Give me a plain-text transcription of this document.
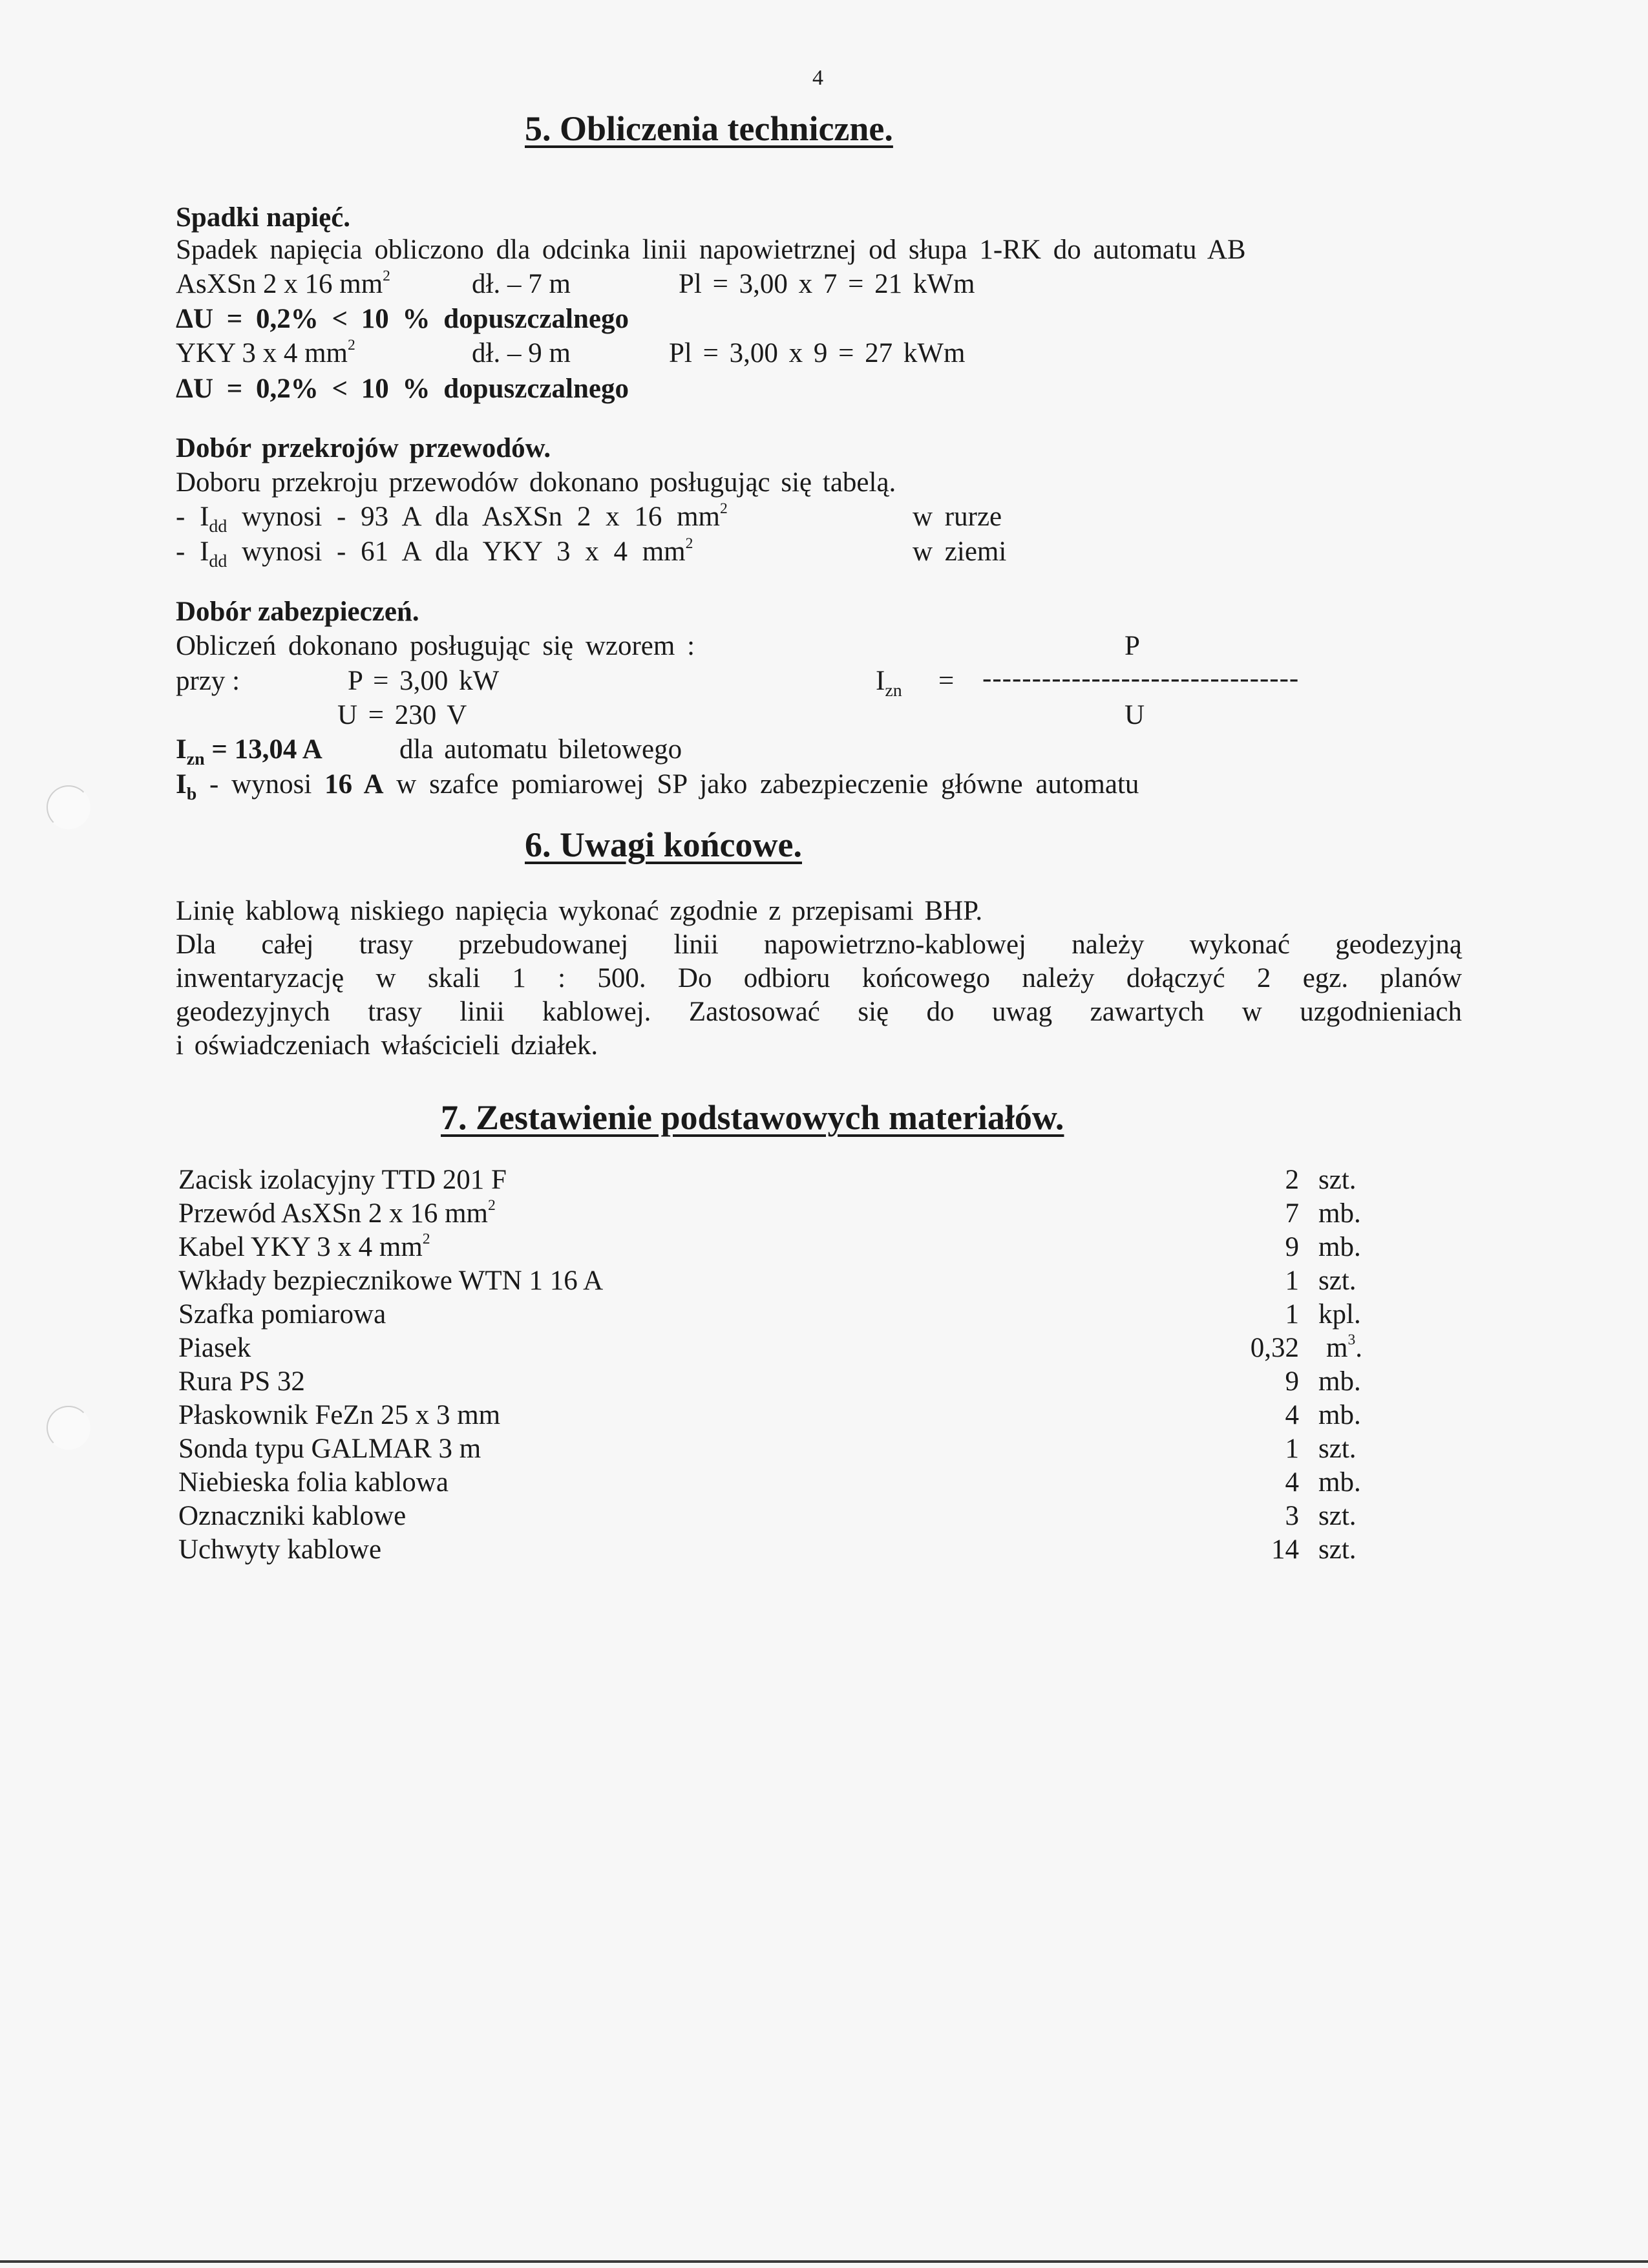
4
5. Obliczenia techniczne.
Spadki napięć.
Spadek napięcia obliczono dla odcinka linii napowietrznej od słupa 1-RK do automatu AB
AsXSn 2 x 16 $mm^2$	dł. – 7 m	Pl = 3,00 x 7 = 21 kWm
ΔU = 0,2% < 10 % dopuszczalnego
YKY 3 x 4 $mm^2$	dł. – 9 m	Pl = 3,00 x 9 = 27 kWm
ΔU = 0,2% < 10 % dopuszczalnego
Dobór przekrojów przewodów.
Doboru przekroju przewodów dokonano posługując się tabelą.
- $I_{dd}$ wynosi - 93 A dla AsXSn 2 x 16 $mm^2$	w rurze
- $I_{dd}$ wynosi - 61 A dla YKY 3 x 4 $mm^2$	w ziemi
Dobór zabezpieczeń.
Obliczeń dokonano posługując się wzorem :	P
przy :	P = 3,00 kW	$I_{zn}$ = --------------------------------
U = 230 V	U
$I_{zn} = 13,04$ A	dla automatu biletowego
$I_b$ - wynosi 16 A w szafce pomiarowej SP jako zabezpieczenie główne automatu
6. Uwagi końcowe.
Linię kablową niskiego napięcia wykonać zgodnie z przepisami BHP.
Dla całej trasy przebudowanej linii napowietrzno-kablowej należy wykonać geodezyjną
inwentaryzację w skali 1 : 500. Do odbioru końcowego należy dołączyć 2 egz. planów
geodezyjnych trasy linii kablowej. Zastosować się do uwag zawartych w uzgodnieniach
i oświadczeniach właścicieli działek.
7. Zestawienie podstawowych materiałów.
Zacisk izolacyjny TTD 201 F	2 szt.
Przewód AsXSn 2 x 16 $mm^2$	7 mb.
Kabel YKY 3 x 4 $mm^2$	9 mb.
Wkłady bezpiecznikowe WTN 1 16 A	1 szt.
Szafka pomiarowa	1 kpl.
Piasek	0,32 $m^3$.
Rura PS 32	9 mb.
Płaskownik FeZn 25 x 3 mm	4 mb.
Sonda typu GALMAR 3 m	1 szt.
Niebieska folia kablowa	4 mb.
Oznaczniki kablowe	3 szt.
Uchwyty kablowe	14 szt.
